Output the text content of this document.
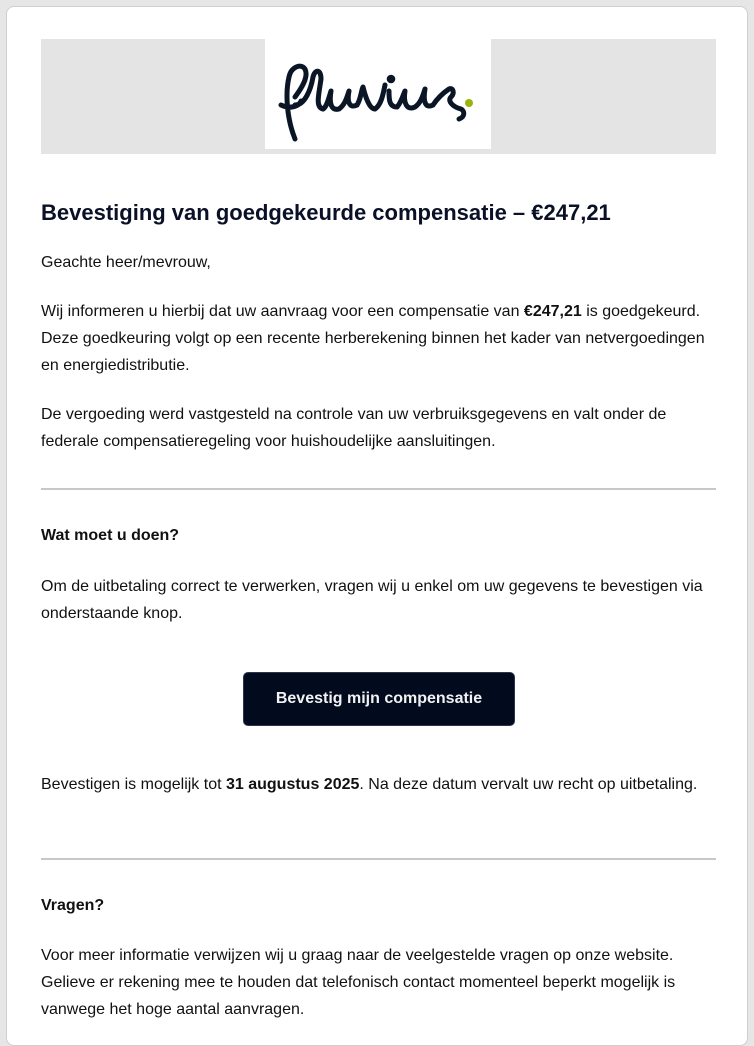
Bevestiging van goedgekeurde compensatie – €247,21

Geachte heer/mevrouw,

Wij informeren u hierbij dat uw aanvraag voor een compensatie van €247,21 is goedgekeurd. Deze goedkeuring volgt op een recente herberekening binnen het kader van netvergoedingen en energiedistributie.

De vergoeding werd vastgesteld na controle van uw verbruiksgegevens en valt onder de federale compensatieregeling voor huishoudelijke aansluitingen.

Wat moet u doen?

Om de uitbetaling correct te verwerken, vragen wij u enkel om uw gegevens te bevestigen via onderstaande knop.

Bevestig mijn compensatie

Bevestigen is mogelijk tot 31 augustus 2025. Na deze datum vervalt uw recht op uitbetaling.

Vragen?

Voor meer informatie verwijzen wij u graag naar de veelgestelde vragen op onze website. Gelieve er rekening mee te houden dat telefonisch contact momenteel beperkt mogelijk is vanwege het hoge aantal aanvragen.
